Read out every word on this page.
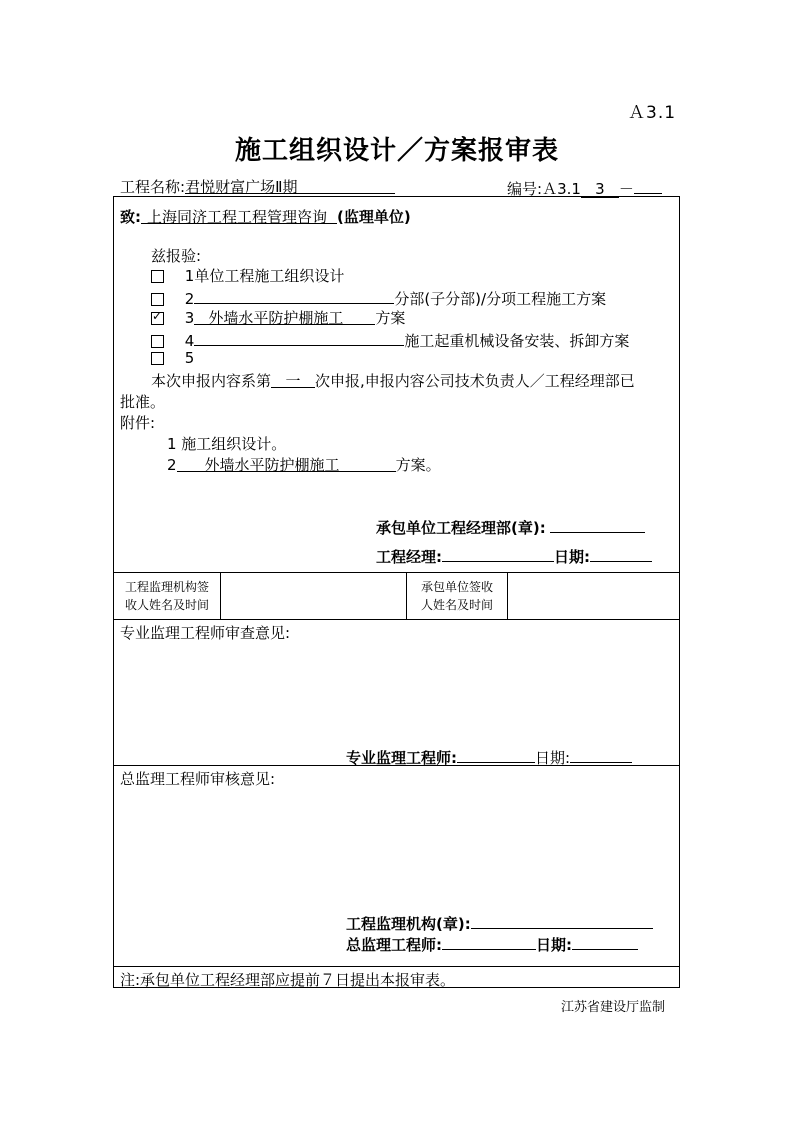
Ａ3.1
施工组织设计／方案报审表
工程名称:君悦财富广场Ⅱ期	编号:Ａ3.1 3 －
致: 上海同济工程工程管理咨询 (监理单位)
兹报验:
1单位工程施工组织设计
2	分部(子分部)/分项工程施工方案
✓ 3 外墙水平防护棚施工 方案
4	施工起重机械设备安装、拆卸方案
5
本次申报内容系第 一 次申报,申报内容公司技术负责人／工程经理部已
批准。
附件:
1 施工组织设计。
2 外墙水平防护棚施工	方案。
承包单位工程经理部(章):
工程经理:	日期:
工程监理机构签
收人姓名及时间
承包单位签收
人姓名及时间
专业监理工程师审查意见:
专业监理工程师:	日期:
总监理工程师审核意见:
工程监理机构(章):
总监理工程师:	日期:
注:承包单位工程经理部应提前７日提出本报审表。
江苏省建设厅监制
